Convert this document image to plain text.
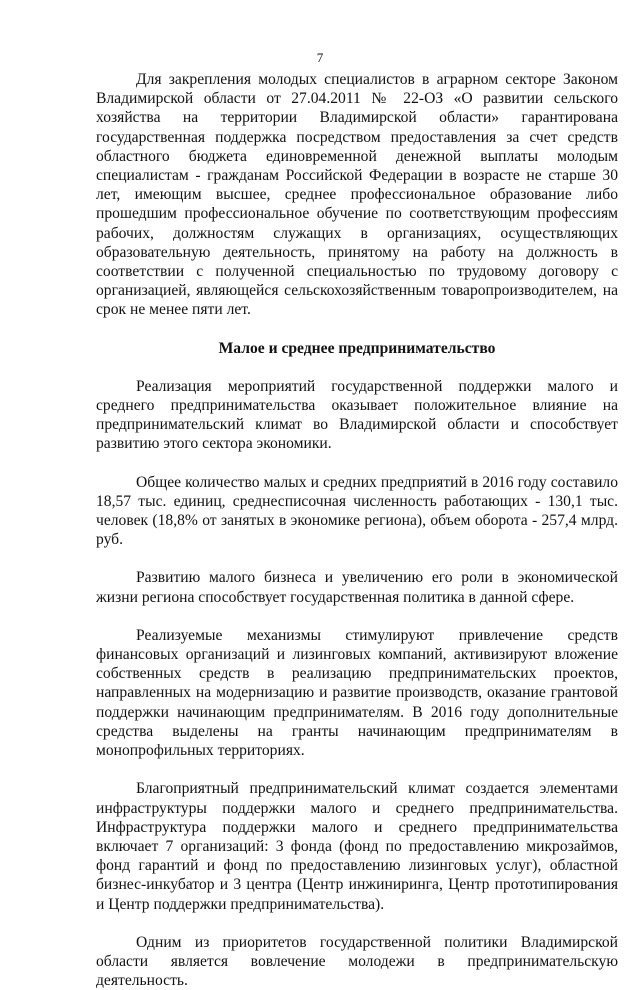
7

Для закрепления молодых специалистов в аграрном секторе Законом Владимирской области от 27.04.2011 № 22-ОЗ «О развитии сельского хозяйства на территории Владимирской области» гарантирована государственная поддержка посредством предоставления за счет средств областного бюджета единовременной денежной выплаты молодым специалистам - гражданам Российской Федерации в возрасте не старше 30 лет, имеющим высшее, среднее профессиональное образование либо прошедшим профессиональное обучение по соответствующим профессиям рабочих, должностям служащих в организациях, осуществляющих образовательную деятельность, принятому на работу на должность в соответствии с полученной специальностью по трудовому договору с организацией, являющейся сельскохозяйственным товаропроизводителем, на срок не менее пяти лет.

Малое и среднее предпринимательство

Реализация мероприятий государственной поддержки малого и среднего предпринимательства оказывает положительное влияние на предпринимательский климат во Владимирской области и способствует развитию этого сектора экономики.

Общее количество малых и средних предприятий в 2016 году составило 18,57 тыс. единиц, среднесписочная численность работающих - 130,1 тыс. человек (18,8% от занятых в экономике региона), объем оборота - 257,4 млрд. руб.

Развитию малого бизнеса и увеличению его роли в экономической жизни региона способствует государственная политика в данной сфере.

Реализуемые механизмы стимулируют привлечение средств финансовых организаций и лизинговых компаний, активизируют вложение собственных средств в реализацию предпринимательских проектов, направленных на модернизацию и развитие производств, оказание грантовой поддержки начинающим предпринимателям. В 2016 году дополнительные средства выделены на гранты начинающим предпринимателям в монопрофильных территориях.

Благоприятный предпринимательский климат создается элементами инфраструктуры поддержки малого и среднего предпринимательства. Инфраструктура поддержки малого и среднего предпринимательства включает 7 организаций: 3 фонда (фонд по предоставлению микрозаймов, фонд гарантий и фонд по предоставлению лизинговых услуг), областной бизнес-инкубатор и 3 центра (Центр инжиниринга, Центр прототипирования и Центр поддержки предпринимательства).

Одним из приоритетов государственной политики Владимирской области является вовлечение молодежи в предпринимательскую деятельность.
